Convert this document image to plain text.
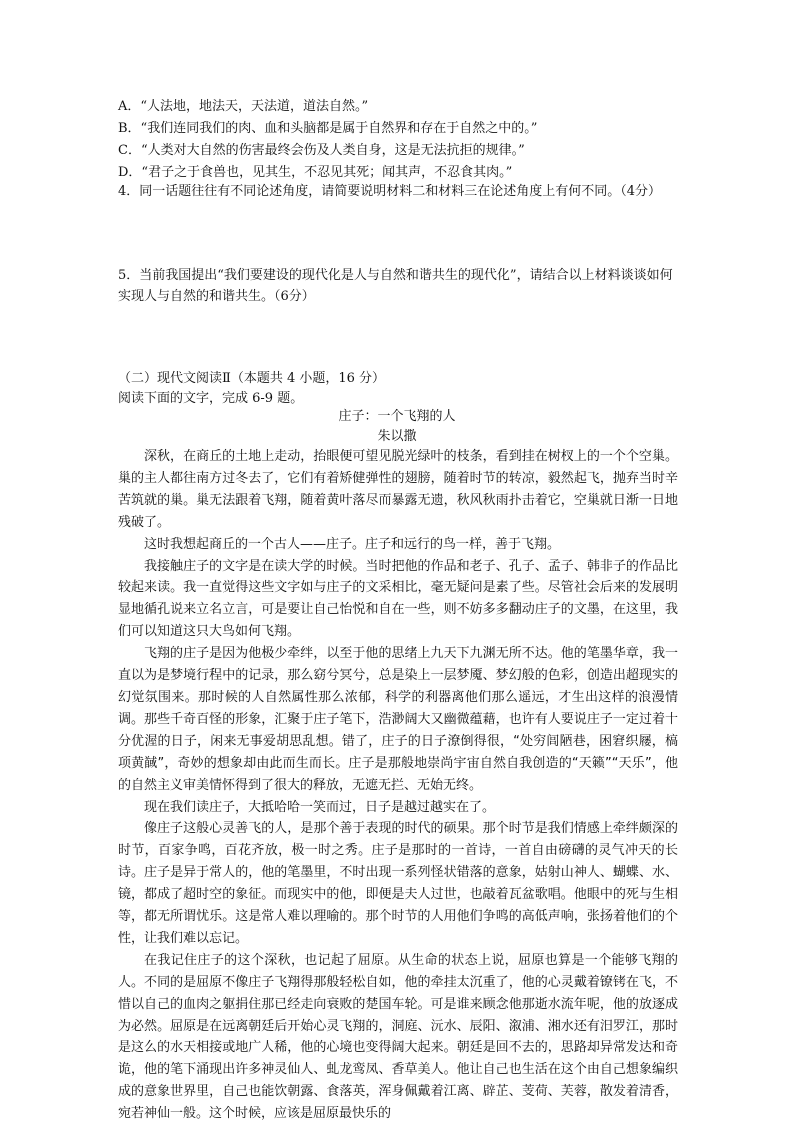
A．“人法地，地法天，天法道，道法自然。”
B．“我们连同我们的肉、血和头脑都是属于自然界和存在于自然之中的。”
C．“人类对大自然的伤害最终会伤及人类自身，这是无法抗拒的规律。”
D．“君子之于食兽也，见其生，不忍见其死；闻其声，不忍食其肉。”
4．同一话题往往有不同论述角度，请简要说明材料二和材料三在论述角度上有何不同。（4分）
5．当前我国提出“我们要建设的现代化是人与自然和谐共生的现代化”，请结合以上材料谈谈如何实现人与自然的和谐共生。（6分）
（二）现代文阅读Ⅱ（本题共 4 小题，16 分）
阅读下面的文字，完成 6-9 题。
庄子：一个飞翔的人
朱以撒

深秋，在商丘的土地上走动，抬眼便可望见脱光绿叶的枝条，看到挂在树杈上的一个个空巢。巢的主人都往南方过冬去了，它们有着矫健弹性的翅膀，随着时节的转凉，毅然起飞，抛弃当时辛苦筑就的巢。巢无法跟着飞翔，随着黄叶落尽而暴露无遗，秋风秋雨扑击着它，空巢就日渐一日地残破了。

这时我想起商丘的一个古人——庄子。庄子和远行的鸟一样，善于飞翔。

我接触庄子的文字是在读大学的时候。当时把他的作品和老子、孔子、孟子、韩非子的作品比较起来读。我一直觉得这些文字如与庄子的文采相比，毫无疑问是素了些。尽管社会后来的发展明显地循孔说来立名立言，可是要让自己怡悦和自在一些，则不妨多多翻动庄子的文墨，在这里，我们可以知道这只大鸟如何飞翔。

飞翔的庄子是因为他极少牵绊，以至于他的思绪上九天下九渊无所不达。他的笔墨华章，我一直以为是梦境行程中的记录，那么窈兮冥兮，总是染上一层梦魇、梦幻般的色彩，创造出超现实的幻觉氛围来。那时候的人自然属性那么浓郁，科学的利器离他们那么遥远，才生出这样的浪漫情调。那些千奇百怪的形象，汇聚于庄子笔下，浩渺阔大又幽微蕴藉，也许有人要说庄子一定过着十分优渥的日子，闲来无事爱胡思乱想。错了，庄子的日子潦倒得很，“处穷闾陋巷，困窘织屦，槁项黄馘”，奇妙的想象却由此而生而长。庄子是那般地崇尚宇宙自然自我创造的“天籁”“天乐”，他的自然主义审美情怀得到了很大的释放，无遮无拦、无始无终。

现在我们读庄子，大抵哈哈一笑而过，日子是越过越实在了。

像庄子这般心灵善飞的人，是那个善于表现的时代的硕果。那个时节是我们情感上牵绊颇深的时节，百家争鸣，百花齐放，极一时之秀。庄子是那时的一首诗，一首自由磅礴的灵气冲天的长诗。庄子是异于常人的，他的笔墨里，不时出现一系列怪状错落的意象，姑射山神人、蝴蝶、水、镜，都成了超时空的象征。而现实中的他，即便是夫人过世，也敲着瓦盆歌唱。他眼中的死与生相等，都无所谓忧乐。这是常人难以理喻的。那个时节的人用他们争鸣的高低声响，张扬着他们的个性，让我们难以忘记。

在我记住庄子的这个深秋，也记起了屈原。从生命的状态上说，屈原也算是一个能够飞翔的人。不同的是屈原不像庄子飞翔得那般轻松自如，他的牵挂太沉重了，他的心灵戴着镣铐在飞，不惜以自己的血肉之躯捐住那已经走向衰败的楚国车轮。可是谁来顾念他那逝水流年呢，他的放逐成为必然。屈原是在远离朝廷后开始心灵飞翔的，洞庭、沅水、辰阳、溆浦、湘水还有汨罗江，那时是这么的水天相接或地广人稀，他的心境也变得阔大起来。朝廷是回不去的，思路却异常发达和奇诡，他的笔下涌现出许多神灵仙人、虬龙鸾凤、香草美人。他让自己也生活在这个由自己想象编织成的意象世界里，自己也能饮朝露、食落英，浑身佩戴着江离、辟芷、芰荷、芙蓉，散发着清香，宛若神仙一般。这个时候，应该是屈原最快乐的
